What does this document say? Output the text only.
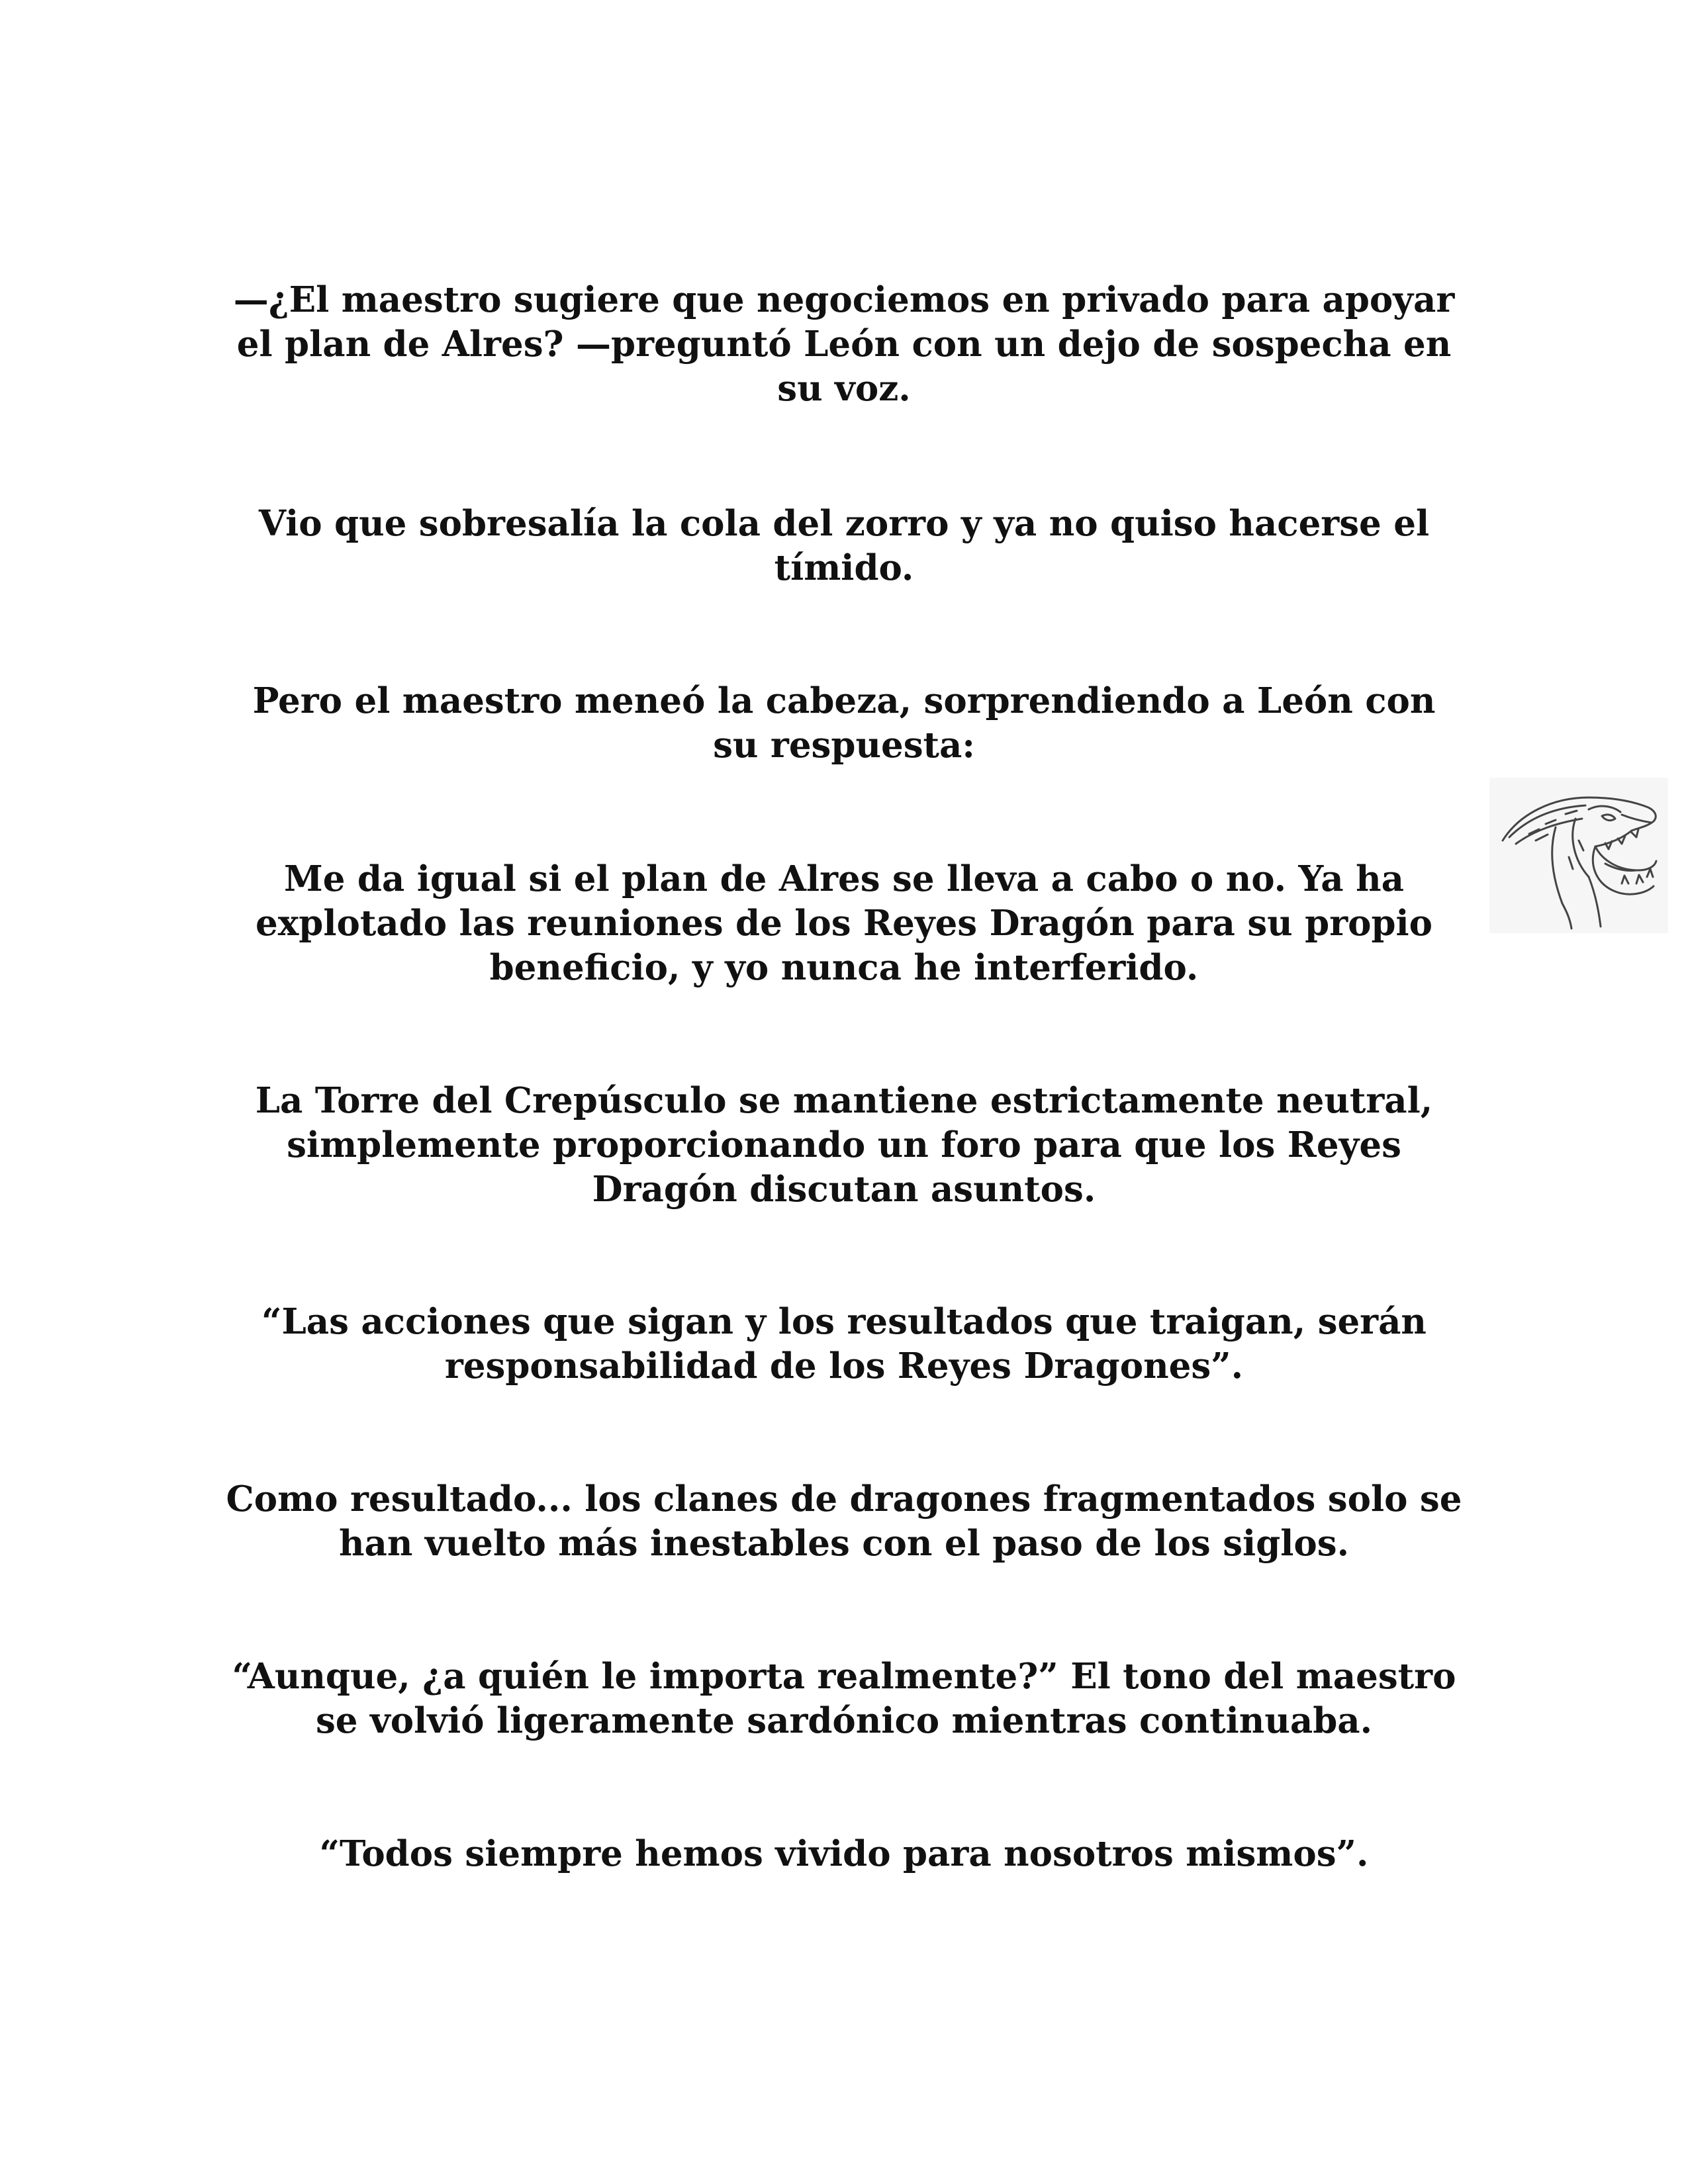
—¿El maestro sugiere que negociemos en privado para apoyar el plan de Alres? —preguntó León con un dejo de sospecha en su voz.

Vio que sobresalía la cola del zorro y ya no quiso hacerse el tímido.

Pero el maestro meneó la cabeza, sorprendiendo a León con su respuesta:

Me da igual si el plan de Alres se lleva a cabo o no. Ya ha explotado las reuniones de los Reyes Dragón para su propio beneficio, y yo nunca he interferido.

La Torre del Crepúsculo se mantiene estrictamente neutral, simplemente proporcionando un foro para que los Reyes Dragón discutan asuntos.

“Las acciones que sigan y los resultados que traigan, serán responsabilidad de los Reyes Dragones”.

Como resultado... los clanes de dragones fragmentados solo se han vuelto más inestables con el paso de los siglos.

“Aunque, ¿a quién le importa realmente?” El tono del maestro se volvió ligeramente sardónico mientras continuaba.

“Todos siempre hemos vivido para nosotros mismos”.
